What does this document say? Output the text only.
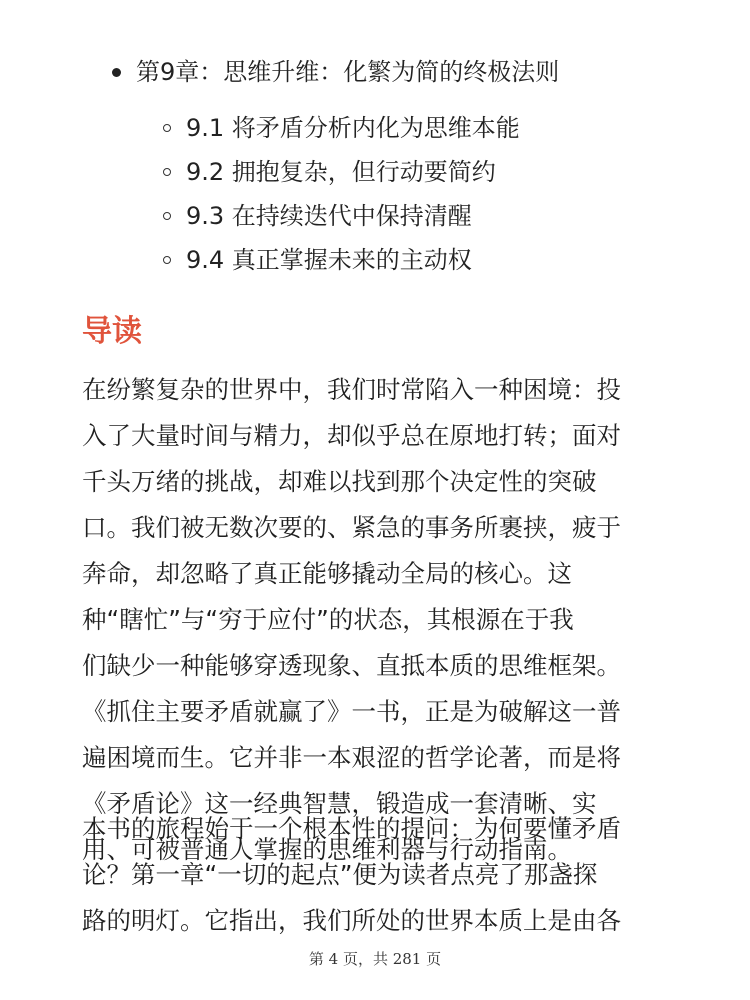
第9章：思维升维：化繁为简的终极法则
9.1 将矛盾分析内化为思维本能
9.2 拥抱复杂，但行动要简约
9.3 在持续迭代中保持清醒
9.4 真正掌握未来的主动权
导读
在纷繁复杂的世界中，我们时常陷入一种困境：投
入了大量时间与精力，却似乎总在原地打转；面对
千头万绪的挑战，却难以找到那个决定性的突破
口。我们被无数次要的、紧急的事务所裹挟，疲于
奔命，却忽略了真正能够撬动全局的核心。这
种“瞎忙”与“穷于应付”的状态，其根源在于我
们缺少一种能够穿透现象、直抵本质的思维框架。
《抓住主要矛盾就赢了》一书，正是为破解这一普
遍困境而生。它并非一本艰涩的哲学论著，而是将
《矛盾论》这一经典智慧，锻造成一套清晰、实
用、可被普通人掌握的思维利器与行动指南。
本书的旅程始于一个根本性的提问：为何要懂矛盾
论？第一章“一切的起点”便为读者点亮了那盏探
路的明灯。它指出，我们所处的世界本质上是由各
第 4 页，共 281 页
